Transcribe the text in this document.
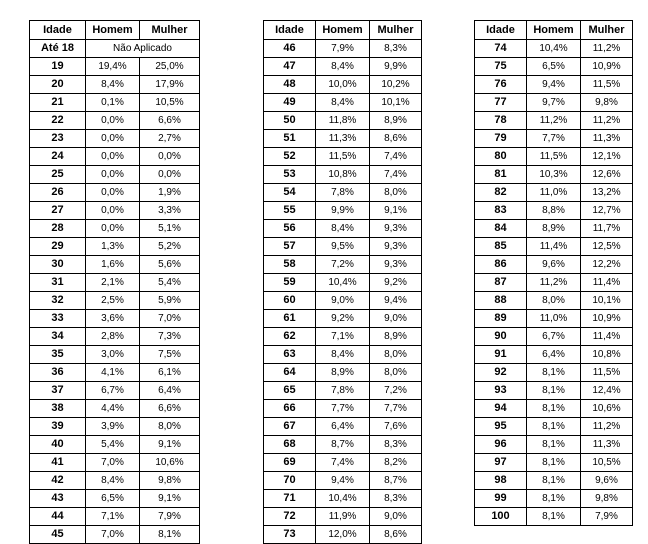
Idade	Homem	Mulher
Até 18	Não Aplicado	
19	19,4%	25,0%
20	8,4%	17,9%
21	0,1%	10,5%
22	0,0%	6,6%
23	0,0%	2,7%
24	0,0%	0,0%
25	0,0%	0,0%
26	0,0%	1,9%
27	0,0%	3,3%
28	0,0%	5,1%
29	1,3%	5,2%
30	1,6%	5,6%
31	2,1%	5,4%
32	2,5%	5,9%
33	3,6%	7,0%
34	2,8%	7,3%
35	3,0%	7,5%
36	4,1%	6,1%
37	6,7%	6,4%
38	4,4%	6,6%
39	3,9%	8,0%
40	5,4%	9,1%
41	7,0%	10,6%
42	8,4%	9,8%
43	6,5%	9,1%
44	7,1%	7,9%
45	7,0%	8,1%
Idade	Homem	Mulher
46	7,9%	8,3%
47	8,4%	9,9%
48	10,0%	10,2%
49	8,4%	10,1%
50	11,8%	8,9%
51	11,3%	8,6%
52	11,5%	7,4%
53	10,8%	7,4%
54	7,8%	8,0%
55	9,9%	9,1%
56	8,4%	9,3%
57	9,5%	9,3%
58	7,2%	9,3%
59	10,4%	9,2%
60	9,0%	9,4%
61	9,2%	9,0%
62	7,1%	8,9%
63	8,4%	8,0%
64	8,9%	8,0%
65	7,8%	7,2%
66	7,7%	7,7%
67	6,4%	7,6%
68	8,7%	8,3%
69	7,4%	8,2%
70	9,4%	8,7%
71	10,4%	8,3%
72	11,9%	9,0%
73	12,0%	8,6%
Idade	Homem	Mulher
74	10,4%	11,2%
75	6,5%	10,9%
76	9,4%	11,5%
77	9,7%	9,8%
78	11,2%	11,2%
79	7,7%	11,3%
80	11,5%	12,1%
81	10,3%	12,6%
82	11,0%	13,2%
83	8,8%	12,7%
84	8,9%	11,7%
85	11,4%	12,5%
86	9,6%	12,2%
87	11,2%	11,4%
88	8,0%	10,1%
89	11,0%	10,9%
90	6,7%	11,4%
91	6,4%	10,8%
92	8,1%	11,5%
93	8,1%	12,4%
94	8,1%	10,6%
95	8,1%	11,2%
96	8,1%	11,3%
97	8,1%	10,5%
98	8,1%	9,6%
99	8,1%	9,8%
100	8,1%	7,9%
